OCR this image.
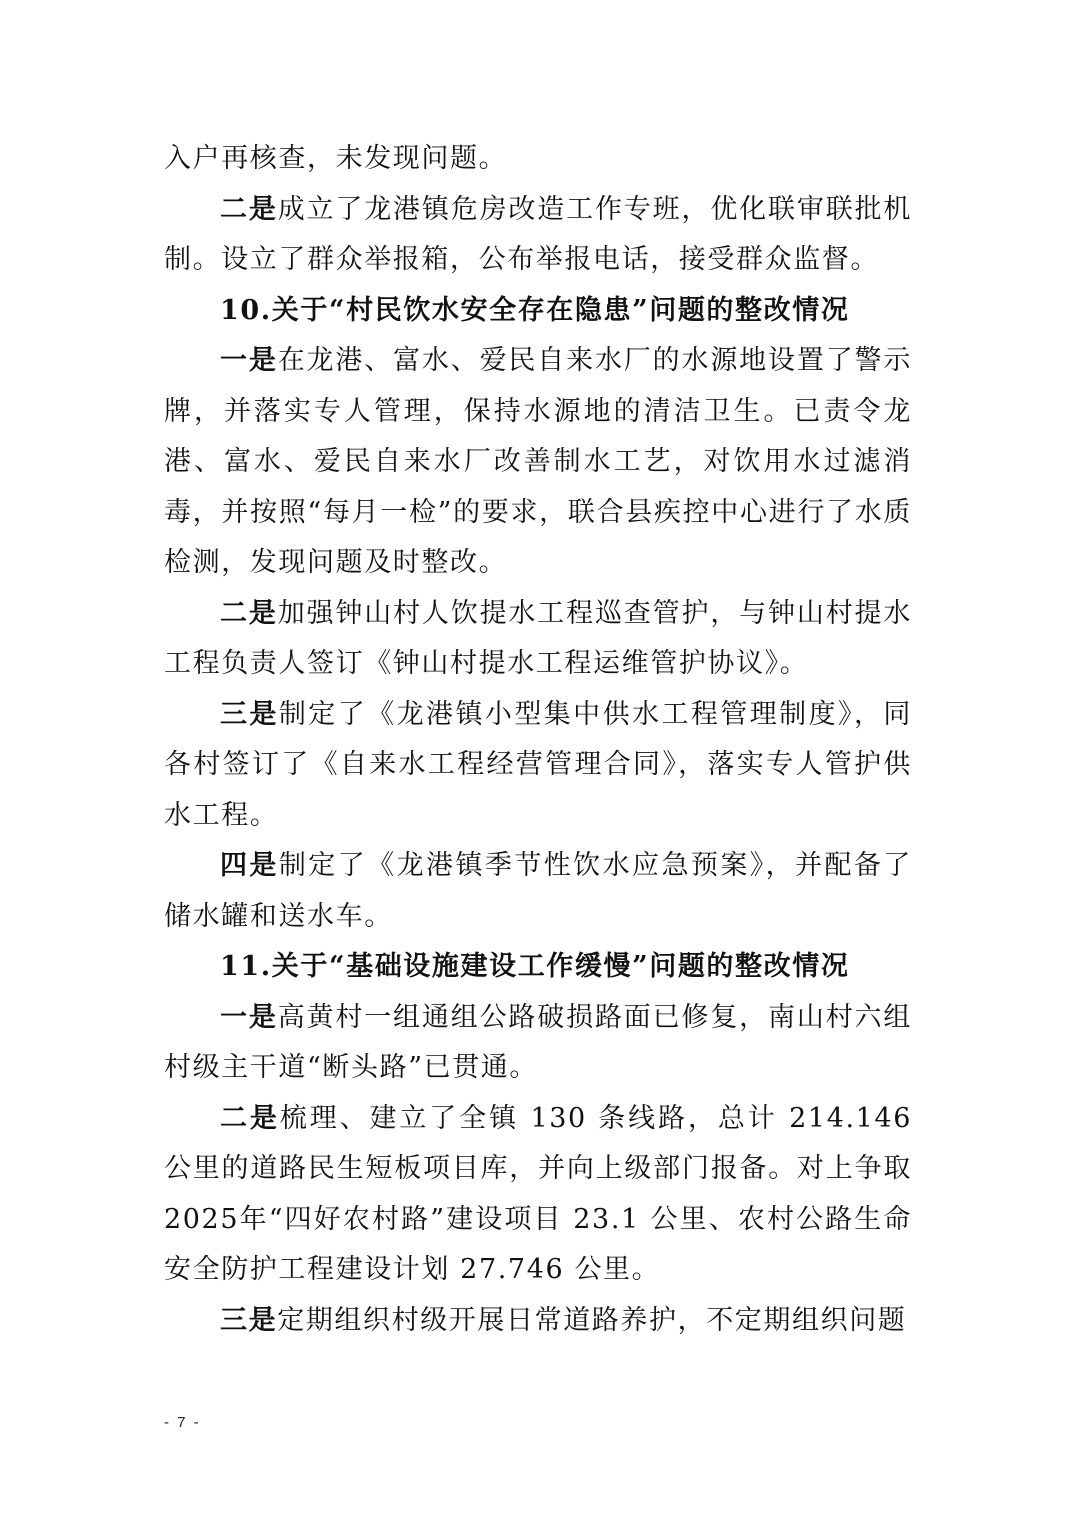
入户再核查，未发现问题。

二是成立了龙港镇危房改造工作专班，优化联审联批机制。设立了群众举报箱，公布举报电话，接受群众监督。

10.关于“村民饮水安全存在隐患”问题的整改情况

一是在龙港、富水、爱民自来水厂的水源地设置了警示牌，并落实专人管理，保持水源地的清洁卫生。已责令龙港、富水、爱民自来水厂改善制水工艺，对饮用水过滤消毒，并按照“每月一检”的要求，联合县疾控中心进行了水质检测，发现问题及时整改。

二是加强钟山村人饮提水工程巡查管护，与钟山村提水工程负责人签订《钟山村提水工程运维管护协议》。

三是制定了《龙港镇小型集中供水工程管理制度》，同各村签订了《自来水工程经营管理合同》，落实专人管护供水工程。

四是制定了《龙港镇季节性饮水应急预案》，并配备了储水罐和送水车。

11.关于“基础设施建设工作缓慢”问题的整改情况

一是高黄村一组通组公路破损路面已修复，南山村六组村级主干道“断头路”已贯通。

二是梳理、建立了全镇 130 条线路，总计 214.146 公里的道路民生短板项目库，并向上级部门报备。对上争取 2025年“四好农村路”建设项目 23.1 公里、农村公路生命安全防护工程建设计划 27.746 公里。

三是定期组织村级开展日常道路养护，不定期组织问题

- 7 -
